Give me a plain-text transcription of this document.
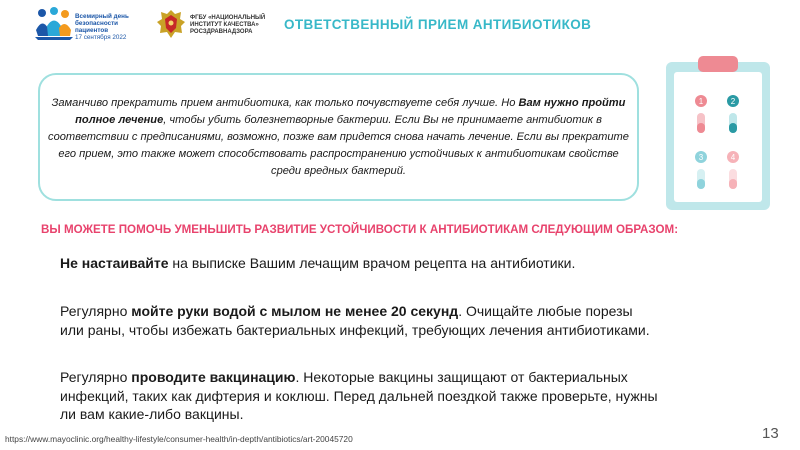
Всемирный день
безопасности
пациентов
17 сентября 2022
ФГБУ «НАЦИОНАЛЬНЫЙ
ИНСТИТУТ КАЧЕСТВА»
РОСЗДРАВНАДЗОРА	ОТВЕТСТВЕННЫЙ ПРИЕМ АНТИБИОТИКОВ

Заманчиво прекратить прием антибиотика, как только почувствуете себя лучше. Но Вам нужно пройти полное лечение, чтобы убить болезнетворные бактерии. Если Вы не принимаете антибиотик в соответствии с предписаниями, возможно, позже вам придется снова начать лечение. Если вы прекратите его прием, это также может способствовать распространению устойчивых к антибиотикам свойстве среди вредных бактерий.

1
3
2
4
ВЫ МОЖЕТЕ ПОМОЧЬ УМЕНЬШИТЬ РАЗВИТИЕ УСТОЙЧИВОСТИ К АНТИБИОТИКАМ СЛЕДУЮЩИМ ОБРАЗОМ:

Не настаивайте на выписке Вашим лечащим врачом рецепта на антибиотики.

Регулярно мойте руки водой с мылом не менее 20 секунд. Очищайте любые порезы или раны, чтобы избежать бактериальных инфекций, требующих лечения антибиотиками.

Регулярно проводите вакцинацию. Некоторые вакцины защищают от бактериальных инфекций, таких как дифтерия и коклюш. Перед дальней поездкой также проверьте, нужны ли вам какие-либо вакцины.

https://www.mayoclinic.org/healthy-lifestyle/consumer-health/in-depth/antibiotics/art-20045720	13
